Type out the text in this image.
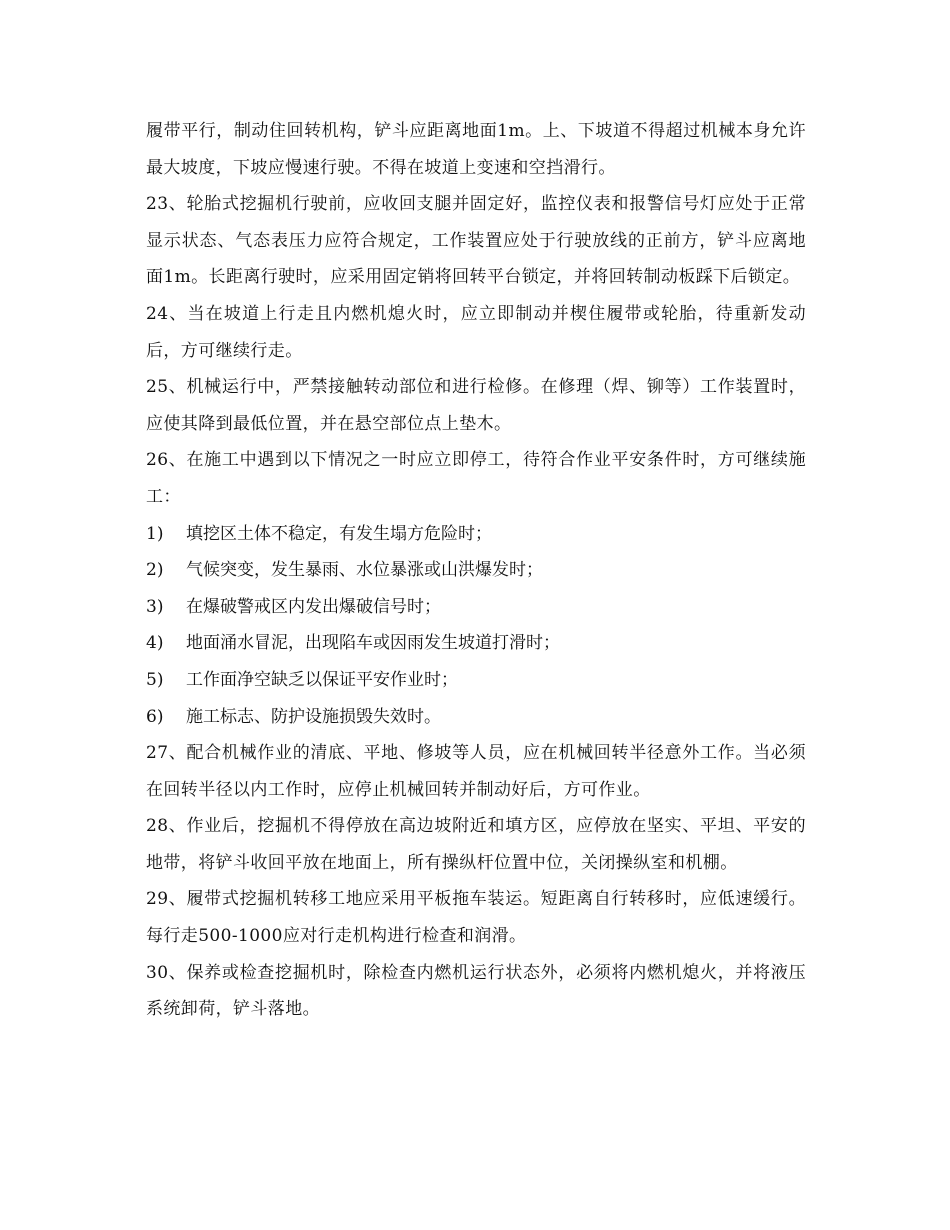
履带平行，制动住回转机构，铲斗应距离地面1m。上、下坡道不得超过机械本身允许最大坡度，下坡应慢速行驶。不得在坡道上变速和空挡滑行。

23、轮胎式挖掘机行驶前，应收回支腿并固定好，监控仪表和报警信号灯应处于正常显示状态、气态表压力应符合规定，工作装置应处于行驶放线的正前方，铲斗应离地面1m。长距离行驶时，应采用固定销将回转平台锁定，并将回转制动板踩下后锁定。

24、当在坡道上行走且内燃机熄火时，应立即制动并楔住履带或轮胎，待重新发动后，方可继续行走。

25、机械运行中，严禁接触转动部位和进行检修。在修理（焊、铆等）工作装置时，应使其降到最低位置，并在悬空部位点上垫木。

26、在施工中遇到以下情况之一时应立即停工，待符合作业平安条件时，方可继续施工：

1)	填挖区土体不稳定，有发生塌方危险时；
2)	气候突变，发生暴雨、水位暴涨或山洪爆发时；
3)	在爆破警戒区内发出爆破信号时；
4)	地面涌水冒泥，出现陷车或因雨发生坡道打滑时；
5)	工作面净空缺乏以保证平安作业时；
6)	施工标志、防护设施损毁失效时。

27、配合机械作业的清底、平地、修坡等人员，应在机械回转半径意外工作。当必须在回转半径以内工作时，应停止机械回转并制动好后，方可作业。

28、作业后，挖掘机不得停放在高边坡附近和填方区，应停放在坚实、平坦、平安的地带，将铲斗收回平放在地面上，所有操纵杆位置中位，关闭操纵室和机棚。

29、履带式挖掘机转移工地应采用平板拖车装运。短距离自行转移时，应低速缓行。每行走500-1000应对行走机构进行检查和润滑。

30、保养或检查挖掘机时，除检查内燃机运行状态外，必须将内燃机熄火，并将液压系统卸荷，铲斗落地。
